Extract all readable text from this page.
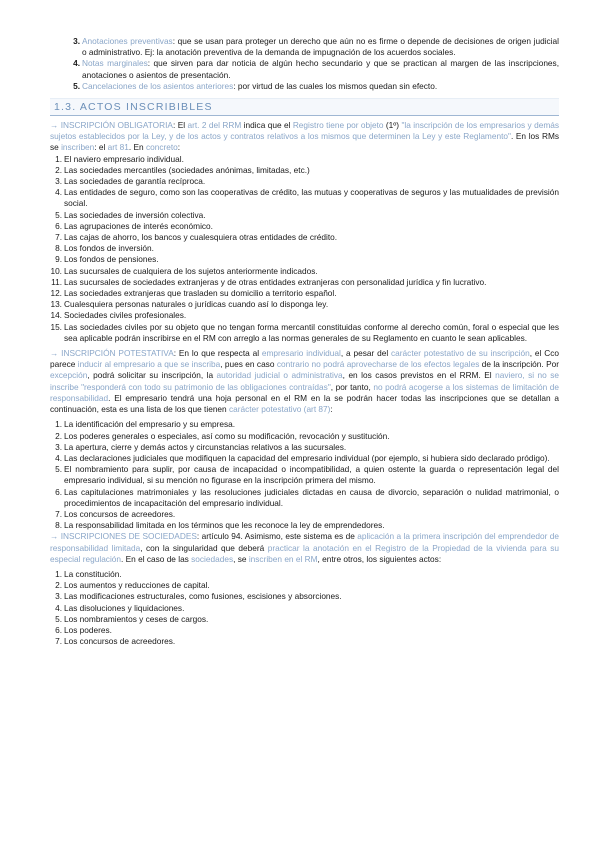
3. Anotaciones preventivas: que se usan para proteger un derecho que aún no es firme o depende de decisiones de origen judicial o administrativo. Ej: la anotación preventiva de la demanda de impugnación de los acuerdos sociales.
4. Notas marginales: que sirven para dar noticia de algún hecho secundario y que se practican al margen de las inscripciones, anotaciones o asientos de presentación.
5. Cancelaciones de los asientos anteriores: por virtud de las cuales los mismos quedan sin efecto.
1.3. ACTOS INSCRIBIBLES

→ INSCRIPCIÓN OBLIGATORIA: El art. 2 del RRM indica que el Registro tiene por objeto (1º) "la inscripción de los empresarios y demás sujetos establecidos por la Ley, y de los actos y contratos relativos a los mismos que determinen la Ley y este Reglamento". En los RMs se inscriben: el art 81. En concreto:

1. El naviero empresario individual.
2. Las sociedades mercantiles (sociedades anónimas, limitadas, etc.)
3. Las sociedades de garantía recíproca.
4. Las entidades de seguro, como son las cooperativas de crédito, las mutuas y cooperativas de seguros y las mutualidades de previsión social.
5. Las sociedades de inversión colectiva.
6. Las agrupaciones de interés económico.
7. Las cajas de ahorro, los bancos y cualesquiera otras entidades de crédito.
8. Los fondos de inversión.
9. Los fondos de pensiones.
10. Las sucursales de cualquiera de los sujetos anteriormente indicados.
11. Las sucursales de sociedades extranjeras y de otras entidades extranjeras con personalidad jurídica y fin lucrativo.
12. Las sociedades extranjeras que trasladen su domicilio a territorio español.
13. Cualesquiera personas naturales o jurídicas cuando así lo disponga ley.
14. Sociedades civiles profesionales.
15. Las sociedades civiles por su objeto que no tengan forma mercantil constituidas conforme al derecho común, foral o especial que les sea aplicable podrán inscribirse en el RM con arreglo a las normas generales de su Reglamento en cuanto le sean aplicables.

→ INSCRIPCIÓN POTESTATIVA: En lo que respecta al empresario individual, a pesar del carácter potestativo de su inscripción, el Cco parece inducir al empresario a que se inscriba, pues en caso contrario no podrá aprovecharse de los efectos legales de la inscripción. Por excepción, podrá solicitar su inscripción, la autoridad judicial o administrativa, en los casos previstos en el RRM. El naviero, si no se inscribe "responderá con todo su patrimonio de las obligaciones contraídas", por tanto, no podrá acogerse a los sistemas de limitación de responsabilidad. El empresario tendrá una hoja personal en el RM en la se podrán hacer todas las inscripciones que se detallan a continuación, esta es una lista de los que tienen carácter potestativo (art 87):

1. La identificación del empresario y su empresa.
2. Los poderes generales o especiales, así como su modificación, revocación y sustitución.
3. La apertura, cierre y demás actos y circunstancias relativos a las sucursales.
4. Las declaraciones judiciales que modifiquen la capacidad del empresario individual (por ejemplo, si hubiera sido declarado pródigo).
5. El nombramiento para suplir, por causa de incapacidad o incompatibilidad, a quien ostente la guarda o representación legal del empresario individual, si su mención no figurase en la inscripción primera del mismo.
6. Las capitulaciones matrimoniales y las resoluciones judiciales dictadas en causa de divorcio, separación o nulidad matrimonial, o procedimientos de incapacitación del empresario individual.
7. Los concursos de acreedores.
8. La responsabilidad limitada en los términos que les reconoce la ley de emprendedores.

→ INSCRIPCIONES DE SOCIEDADES: artículo 94. Asimismo, este sistema es de aplicación a la primera inscripción del emprendedor de responsabilidad limitada, con la singularidad que deberá practicar la anotación en el Registro de la Propiedad de la vivienda para su especial regulación. En el caso de las sociedades, se inscriben en el RM, entre otros, los siguientes actos:

1. La constitución.
2. Los aumentos y reducciones de capital.
3. Las modificaciones estructurales, como fusiones, escisiones y absorciones.
4. Las disoluciones y liquidaciones.
5. Los nombramientos y ceses de cargos.
6. Los poderes.
7. Los concursos de acreedores.
